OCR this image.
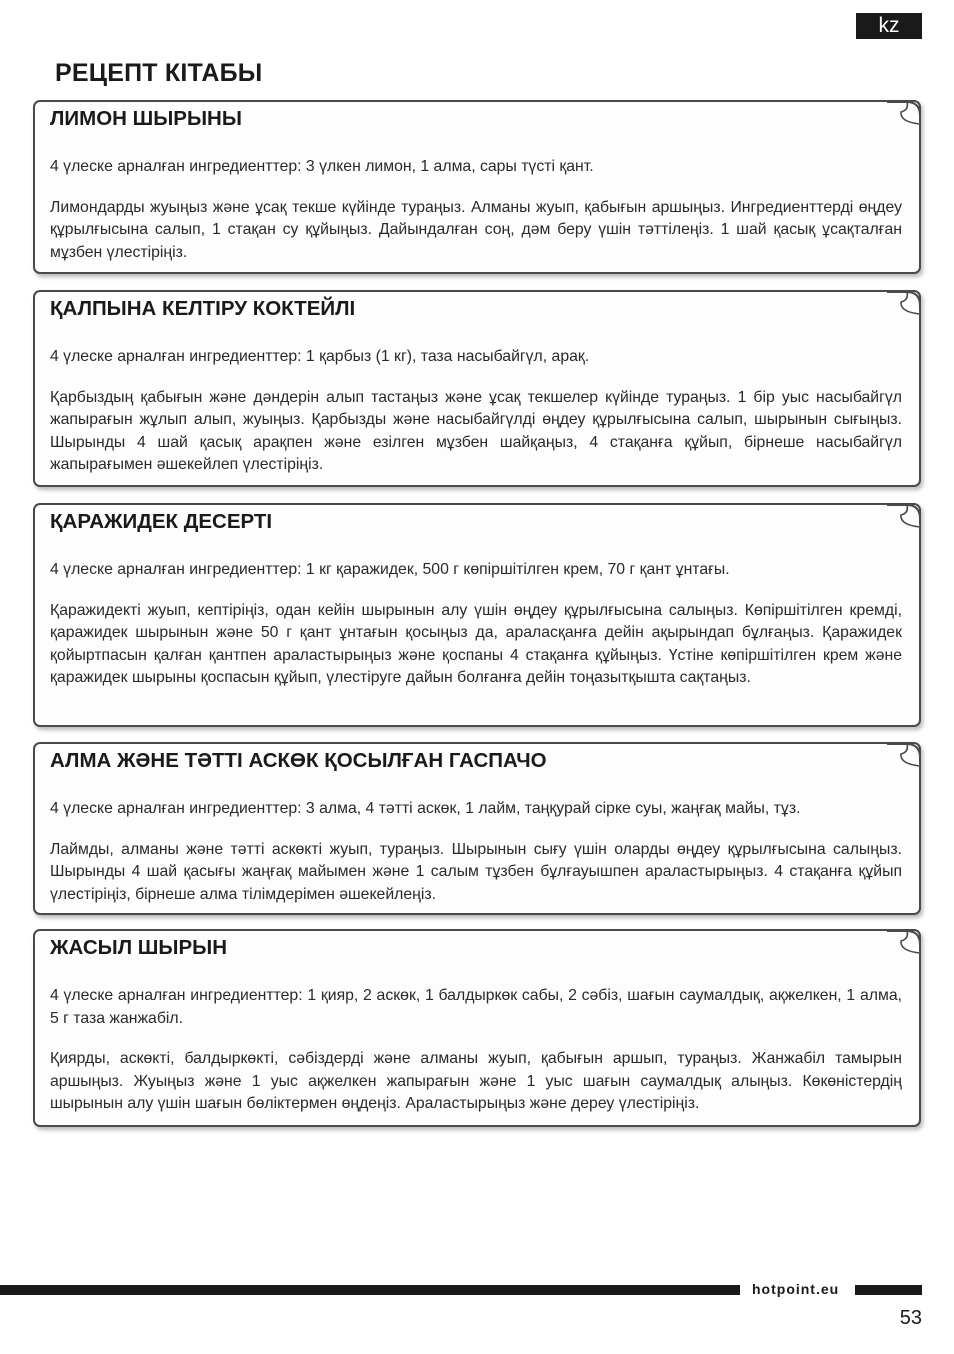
kz
РЕЦЕПТ КІТАБЫ
ЛИМОН ШЫРЫНЫ

4 үлеске арналған ингредиенттер: 3 үлкен лимон, 1 алма, сары түсті қант.

Лимондарды жуыңыз және ұсақ текше күйінде тураңыз. Алманы жуып, қабығын аршыңыз. Ингредиенттерді өңдеу құрылғысына салып, 1 стақан су құйыңыз. Дайындалған соң, дәм беру үшін тәттілеңіз. 1 шай қасық ұсақталған мұзбен үлестіріңіз.

ҚАЛПЫНА КЕЛТІРУ КОКТЕЙЛІ

4 үлеске арналған ингредиенттер: 1 қарбыз (1 кг), таза насыбайгүл, арақ.

Қарбыздың қабығын және дәндерін алып тастаңыз және ұсақ текшелер күйінде тураңыз. 1 бір уыс насыбайгүл жапырағын жұлып алып, жуыңыз. Қарбызды және насыбайгүлді өңдеу құрылғысына салып, шырынын сығыңыз. Шырынды 4 шай қасық арақпен және езілген мұзбен шайқаңыз, 4 стақанға құйып, бірнеше насыбайгүл жапырағымен әшекейлеп үлестіріңіз.

ҚАРАЖИДЕК ДЕСЕРТІ

4 үлеске арналған ингредиенттер: 1 кг қаражидек, 500 г көпіршітілген крем, 70 г қант ұнтағы.

Қаражидекті жуып, кептіріңіз, одан кейін шырынын алу үшін өңдеу құрылғысына салыңыз. Көпіршітілген кремді, қаражидек шырынын және 50 г қант ұнтағын қосыңыз да, араласқанға дейін ақырындап бұлғаңыз. Қаражидек қойыртпасын қалған қантпен араластырыңыз және қоспаны 4 стақанға құйыңыз. Үстіне көпіршітілген крем және қаражидек шырыны қоспасын құйып, үлестіруге дайын болғанға дейін тоңазытқышта сақтаңыз.

АЛМА ЖӘНЕ ТӘТТІ АСКӨК ҚОСЫЛҒАН ГАСПАЧО

4 үлеске арналған ингредиенттер: 3 алма, 4 тәтті аскөк, 1 лайм, таңқурай сірке суы, жаңғақ майы, тұз.

Лаймды, алманы және тәтті аскөкті жуып, тураңыз. Шырынын сығу үшін оларды өңдеу құрылғысына салыңыз. Шырынды 4 шай қасығы жаңғақ майымен және 1 салым тұзбен бұлғауышпен араластырыңыз. 4 стақанға құйып үлестіріңіз, бірнеше алма тілімдерімен әшекейлеңіз.

ЖАСЫЛ ШЫРЫН

4 үлеске арналған ингредиенттер: 1 қияр, 2 аскөк, 1 балдыркөк сабы, 2 сәбіз, шағын саумалдық, ақжелкен, 1 алма, 5 г таза жанжабіл.

Қиярды, аскөкті, балдыркөкті, сәбіздерді және алманы жуып, қабығын аршып, тураңыз. Жанжабіл тамырын аршыңыз. Жуыңыз және 1 уыс ақжелкен жапырағын және 1 уыс шағын саумалдық алыңыз. Көкөністердің шырынын алу үшін шағын бөліктермен өңдеңіз. Араластырыңыз және дереу үлестіріңіз.

hotpoint.eu
53
